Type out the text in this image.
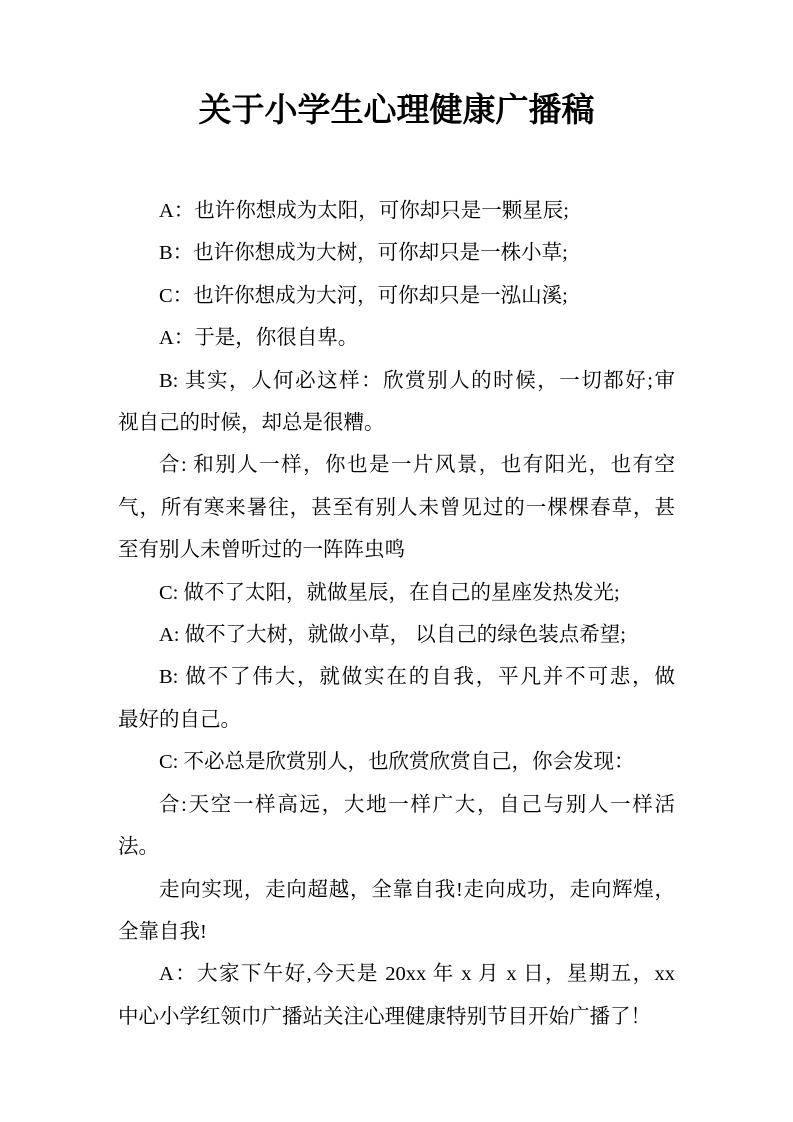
关于小学生心理健康广播稿

A：也许你想成为太阳，可你却只是一颗星辰;

B：也许你想成为大树，可你却只是一株小草;

C：也许你想成为大河，可你却只是一泓山溪;

A：于是，你很自卑。

B: 其实，人何必这样：欣赏别人的时候，一切都好;审
视自己的时候，却总是很糟。

合: 和别人一样，你也是一片风景，也有阳光，也有空
气，所有寒来暑往，甚至有别人未曾见过的一棵棵春草，甚
至有别人未曾听过的一阵阵虫鸣

C: 做不了太阳，就做星辰，在自己的星座发热发光;

A: 做不了大树，就做小草， 以自己的绿色装点希望;

B: 做不了伟大，就做实在的自我，平凡并不可悲，做
最好的自己。

C: 不必总是欣赏别人，也欣赏欣赏自己，你会发现：

合:天空一样高远，大地一样广大，自己与别人一样活
法。

走向实现，走向超越，全靠自我!走向成功，走向辉煌，
全靠自我!

A：大家下午好,今天是 20xx 年 x 月 x 日，星期五，xx
中心小学红领巾广播站关注心理健康特别节目开始广播了！
